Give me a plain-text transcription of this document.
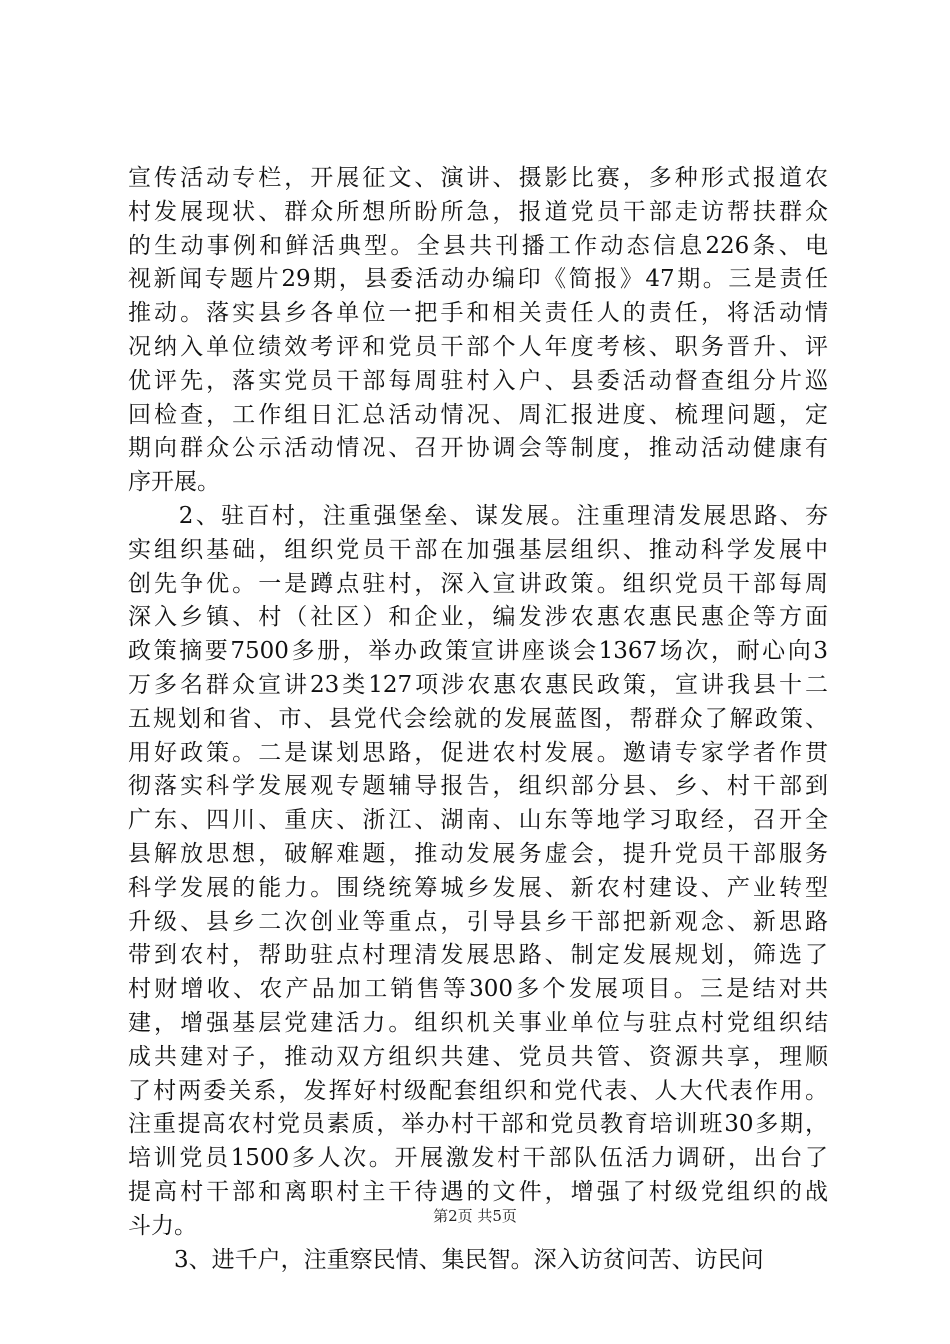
宣传活动专栏，开展征文、演讲、摄影比赛，多种形式报道农
村发展现状、群众所想所盼所急，报道党员干部走访帮扶群众
的生动事例和鲜活典型。全县共刊播工作动态信息226条、电
视新闻专题片29期，县委活动办编印《简报》47期。三是责任
推动。落实县乡各单位一把手和相关责任人的责任，将活动情
况纳入单位绩效考评和党员干部个人年度考核、职务晋升、评
优评先，落实党员干部每周驻村入户、县委活动督查组分片巡
回检查，工作组日汇总活动情况、周汇报进度、梳理问题，定
期向群众公示活动情况、召开协调会等制度，推动活动健康有
序开展。
　　2、驻百村，注重强堡垒、谋发展。注重理清发展思路、夯
实组织基础，组织党员干部在加强基层组织、推动科学发展中
创先争优。一是蹲点驻村，深入宣讲政策。组织党员干部每周
深入乡镇、村（社区）和企业，编发涉农惠农惠民惠企等方面
政策摘要7500多册，举办政策宣讲座谈会1367场次，耐心向3
万多名群众宣讲23类127项涉农惠农惠民政策，宣讲我县十二
五规划和省、市、县党代会绘就的发展蓝图，帮群众了解政策、
用好政策。二是谋划思路，促进农村发展。邀请专家学者作贯
彻落实科学发展观专题辅导报告，组织部分县、乡、村干部到
广东、四川、重庆、浙江、湖南、山东等地学习取经，召开全
县解放思想，破解难题，推动发展务虚会，提升党员干部服务
科学发展的能力。围绕统筹城乡发展、新农村建设、产业转型
升级、县乡二次创业等重点，引导县乡干部把新观念、新思路
带到农村，帮助驻点村理清发展思路、制定发展规划，筛选了
村财增收、农产品加工销售等300多个发展项目。三是结对共
建，增强基层党建活力。组织机关事业单位与驻点村党组织结
成共建对子，推动双方组织共建、党员共管、资源共享，理顺
了村两委关系，发挥好村级配套组织和党代表、人大代表作用。
注重提高农村党员素质，举办村干部和党员教育培训班30多期，
培训党员1500多人次。开展激发村干部队伍活力调研，出台了
提高村干部和离职村主干待遇的文件，增强了村级党组织的战
斗力。
　　3、进千户，注重察民情、集民智。深入访贫问苦、访民问
第2页 共5页
